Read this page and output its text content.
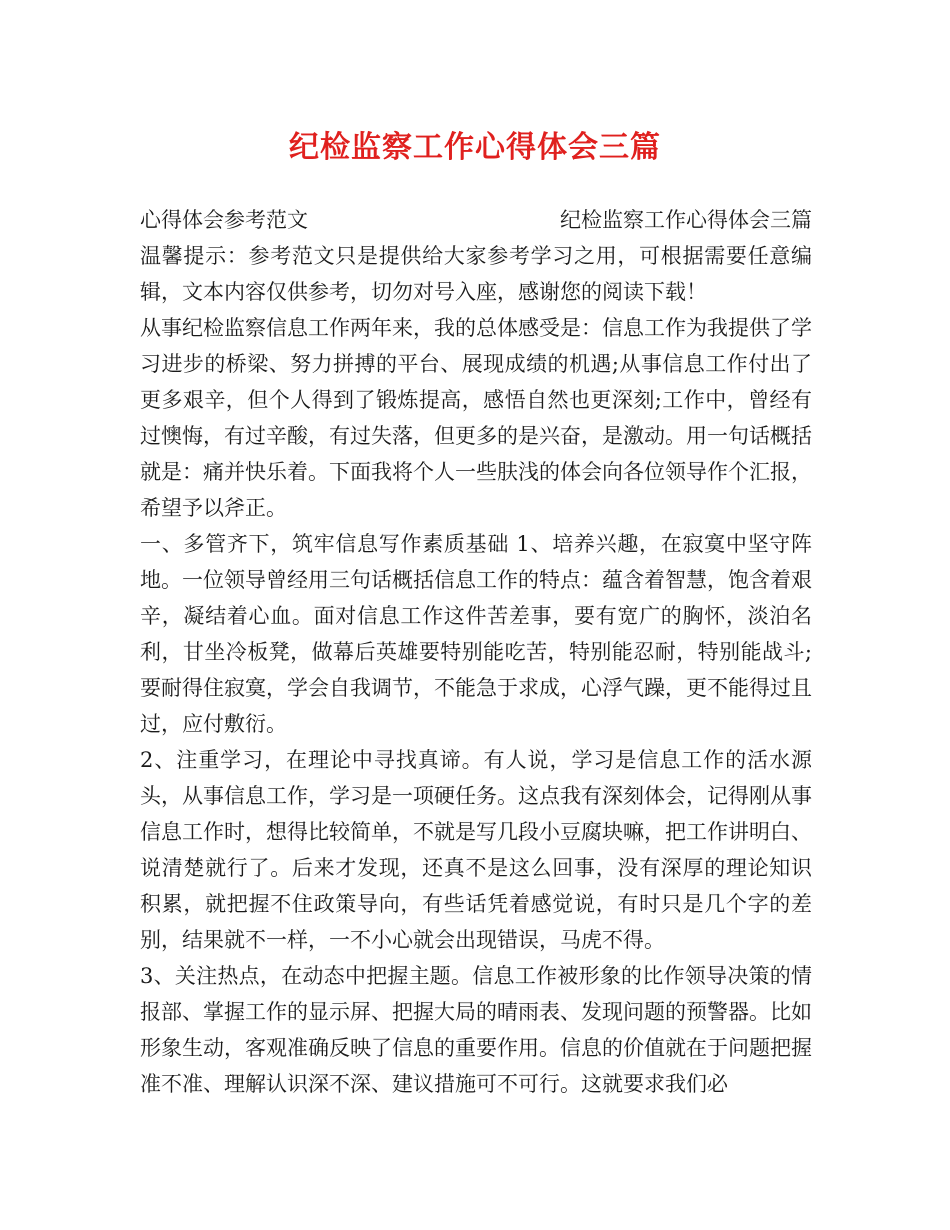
纪检监察工作心得体会三篇
心得体会参考范文	纪检监察工作心得体会三篇

温馨提示：参考范文只是提供给大家参考学习之用，可根据需要任意编辑，文本内容仅供参考，切勿对号入座，感谢您的阅读下载！

从事纪检监察信息工作两年来，我的总体感受是：信息工作为我提供了学习进步的桥梁、努力拼搏的平台、展现成绩的机遇;从事信息工作付出了更多艰辛，但个人得到了锻炼提高，感悟自然也更深刻;工作中，曾经有过懊悔，有过辛酸，有过失落，但更多的是兴奋，是激动。用一句话概括就是：痛并快乐着。下面我将个人一些肤浅的体会向各位领导作个汇报，希望予以斧正。

一、多管齐下，筑牢信息写作素质基础 1、培养兴趣，在寂寞中坚守阵地。一位领导曾经用三句话概括信息工作的特点：蕴含着智慧，饱含着艰辛，凝结着心血。面对信息工作这件苦差事，要有宽广的胸怀，淡泊名利，甘坐冷板凳，做幕后英雄要特别能吃苦，特别能忍耐，特别能战斗;要耐得住寂寞，学会自我调节，不能急于求成，心浮气躁，更不能得过且过，应付敷衍。

2、注重学习，在理论中寻找真谛。有人说，学习是信息工作的活水源头，从事信息工作，学习是一项硬任务。这点我有深刻体会，记得刚从事信息工作时，想得比较简单，不就是写几段小豆腐块嘛，把工作讲明白、说清楚就行了。后来才发现，还真不是这么回事，没有深厚的理论知识 积累，就把握不住政策导向，有些话凭着感觉说，有时只是几个字的差别，结果就不一样，一不小心就会出现错误，马虎不得。

3、关注热点，在动态中把握主题。信息工作被形象的比作领导决策的情报部、掌握工作的显示屏、把握大局的晴雨表、发现问题的预警器。比如形象生动，客观准确反映了信息的重要作用。信息的价值就在于问题把握准不准、理解认识深不深、建议措施可不可行。这就要求我们必
